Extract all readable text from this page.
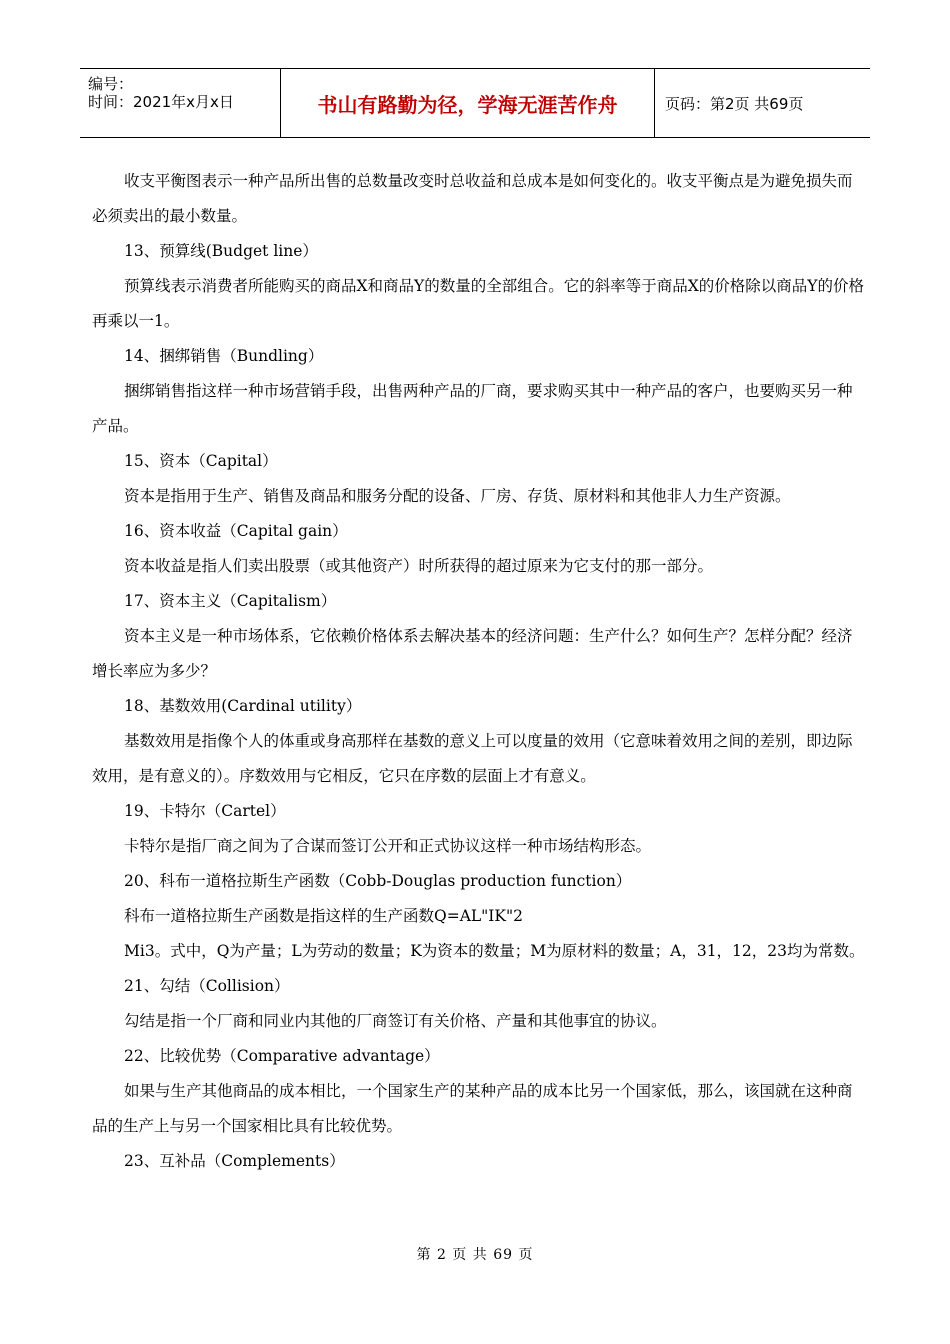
编号：
时间：2021年x月x日	书山有路勤为径，学海无涯苦作舟	页码：第2页 共69页

收支平衡图表示一种产品所出售的总数量改变时总收益和总成本是如何变化的。收支平衡点是为避免损失而必须卖出的最小数量。

13、预算线(Budget line）

预算线表示消费者所能购买的商品X和商品Y的数量的全部组合。它的斜率等于商品X的价格除以商品Y的价格再乘以一1。

14、捆绑销售（Bundling）

捆绑销售指这样一种市场营销手段，出售两种产品的厂商，要求购买其中一种产品的客户，也要购买另一种产品。

15、资本（Capital）

资本是指用于生产、销售及商品和服务分配的设备、厂房、存货、原材料和其他非人力生产资源。

16、资本收益（Capital gain）

资本收益是指人们卖出股票（或其他资产）时所获得的超过原来为它支付的那一部分。

17、资本主义（Capitalism）

资本主义是一种市场体系，它依赖价格体系去解决基本的经济问题：生产什么？如何生产？怎样分配？经济增长率应为多少？

18、基数效用(Cardinal utility）

基数效用是指像个人的体重或身高那样在基数的意义上可以度量的效用（它意味着效用之间的差别，即边际效用，是有意义的）。序数效用与它相反，它只在序数的层面上才有意义。

19、卡特尔（Cartel）

卡特尔是指厂商之间为了合谋而签订公开和正式协议这样一种市场结构形态。

20、科布一道格拉斯生产函数（Cobb-Douglas production function）

科布一道格拉斯生产函数是指这样的生产函数Q=AL"IK"2

Mi3。式中，Q为产量；L为劳动的数量；K为资本的数量；M为原材料的数量；A，31，12，23均为常数。

21、勾结（Collision）

勾结是指一个厂商和同业内其他的厂商签订有关价格、产量和其他事宜的协议。

22、比较优势（Comparative advantage）

如果与生产其他商品的成本相比，一个国家生产的某种产品的成本比另一个国家低，那么，该国就在这种商品的生产上与另一个国家相比具有比较优势。

23、互补品（Complements）

第 2 页 共 69 页
